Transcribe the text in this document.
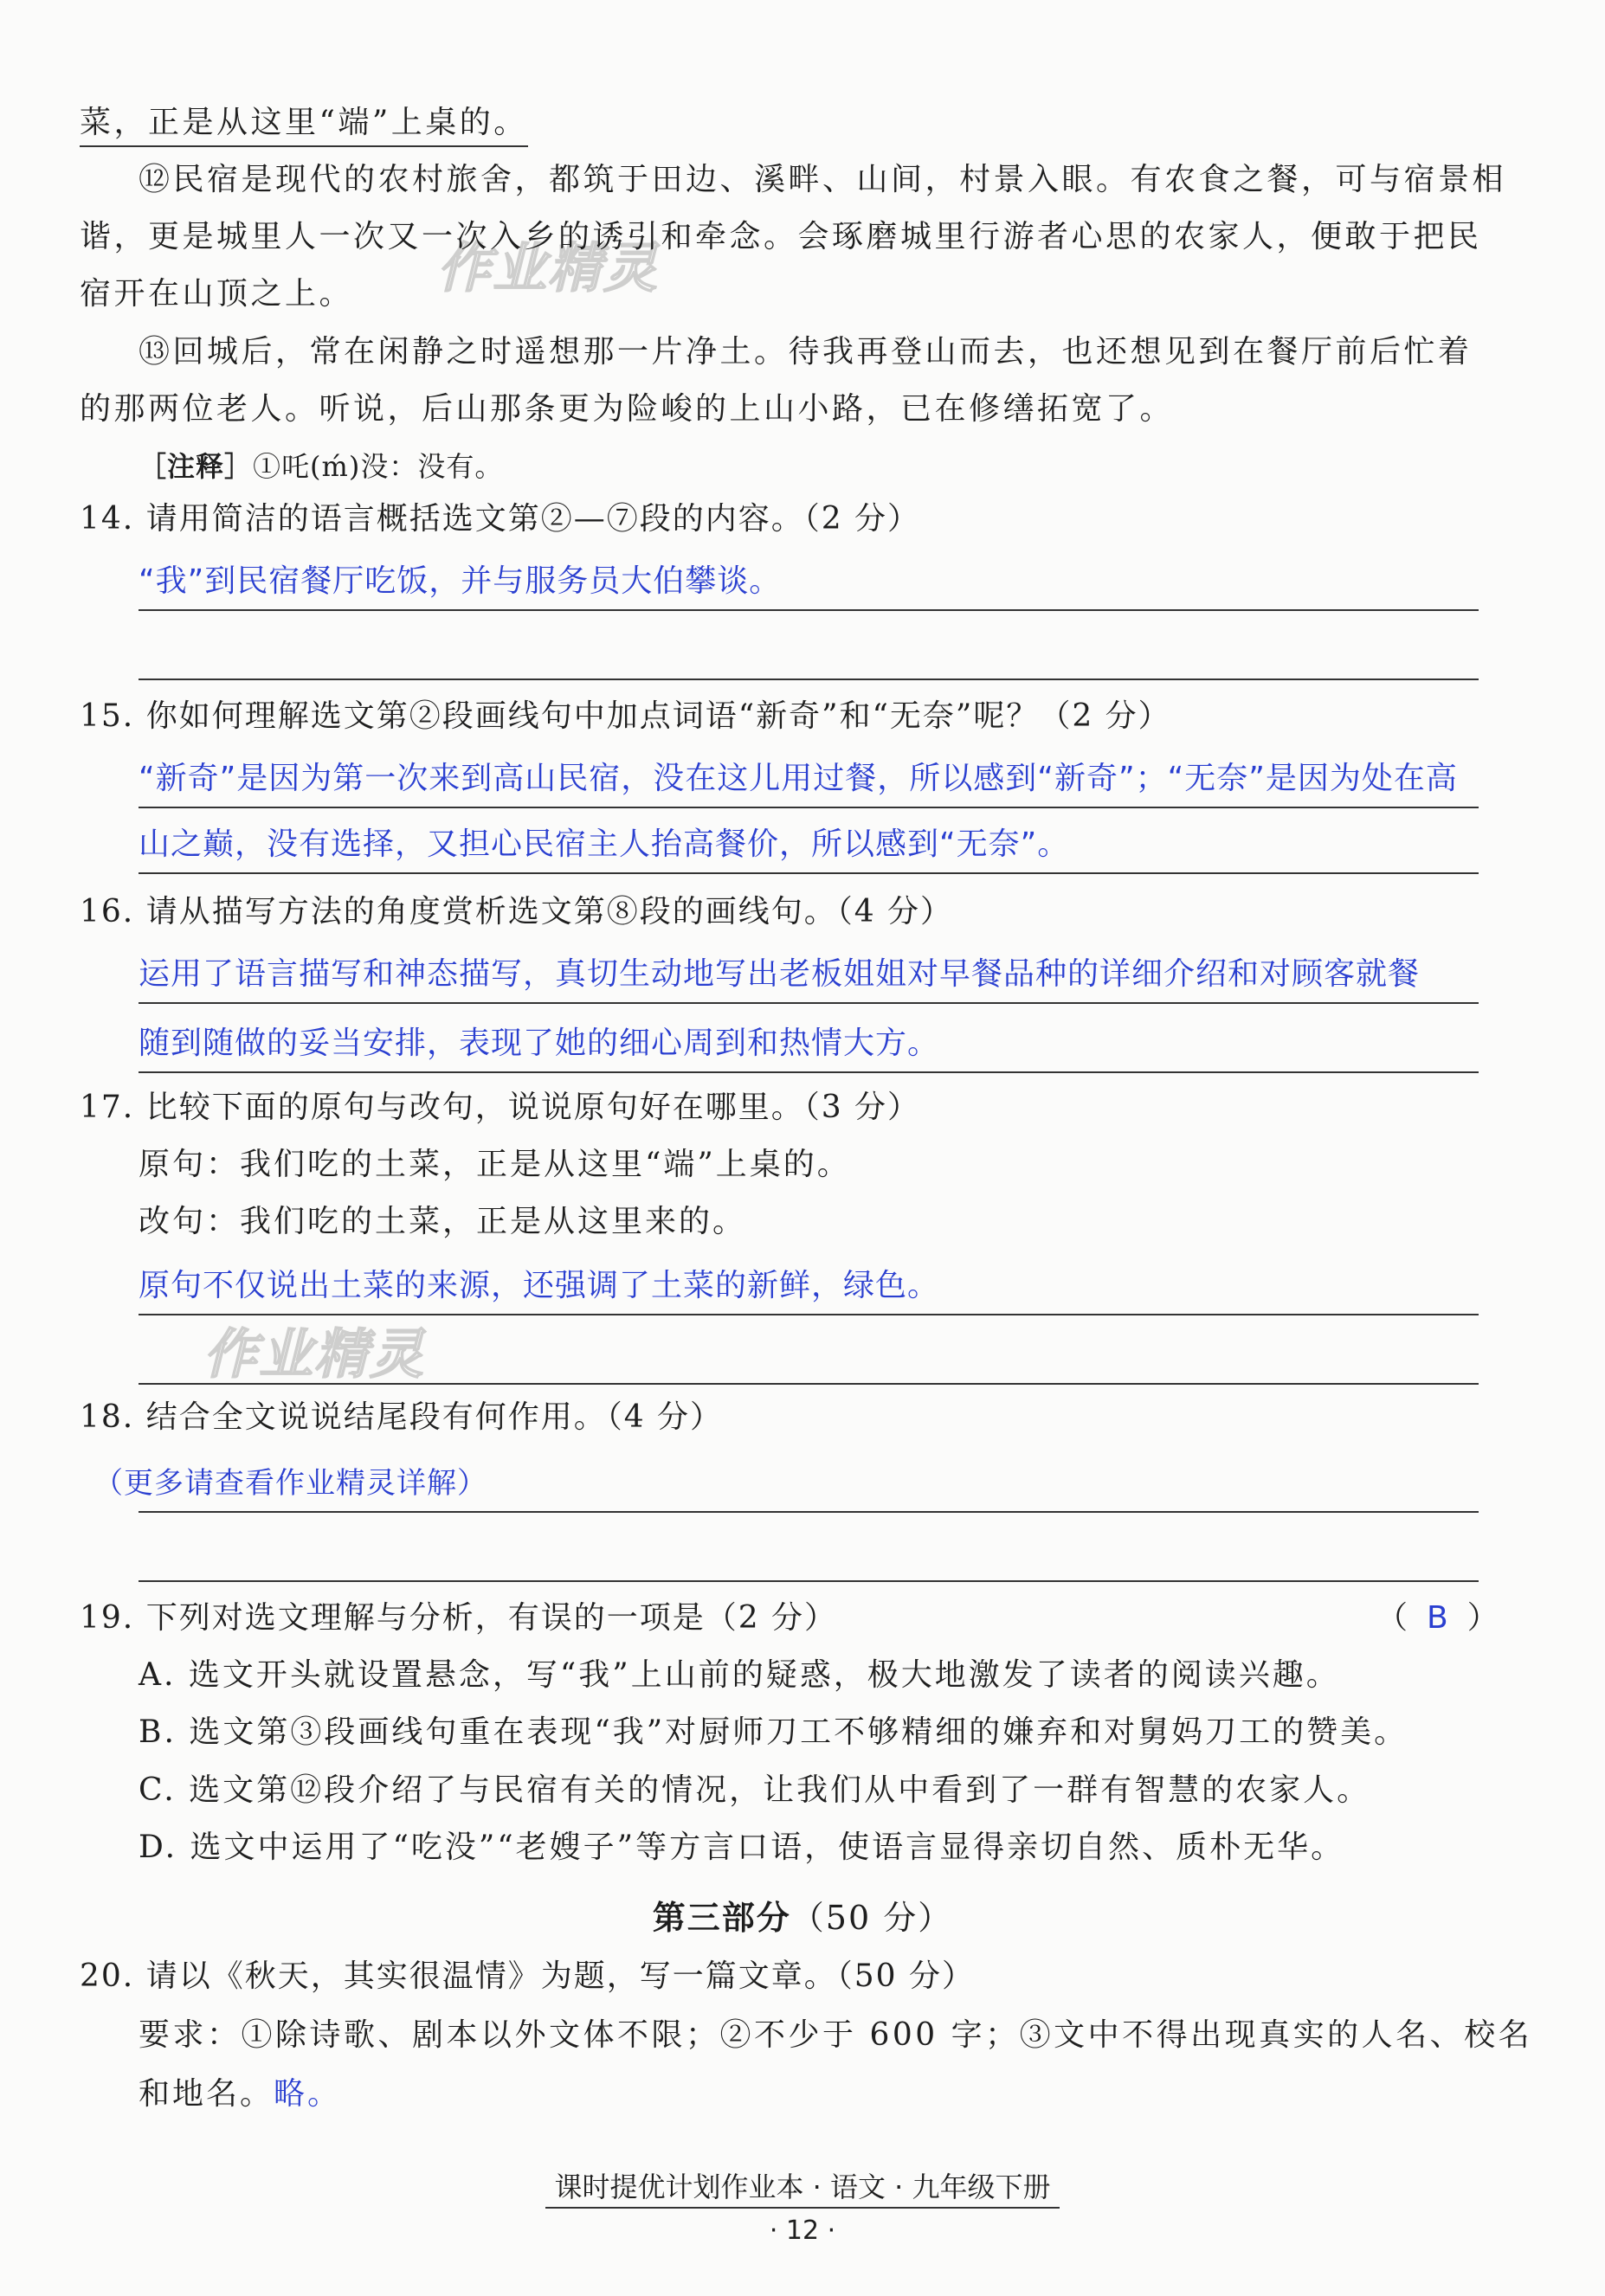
作业精灵
作业精灵
菜，正是从这里“端”上桌的。
⑫民宿是现代的农村旅舍，都筑于田边、溪畔、山间，村景入眼。有农食之餐，可与宿景相
谐，更是城里人一次又一次入乡的诱引和牵念。会琢磨城里行游者心思的农家人，便敢于把民
宿开在山顶之上。
⑬回城后，常在闲静之时遥想那一片净土。待我再登山而去，也还想见到在餐厅前后忙着
的那两位老人。听说，后山那条更为险峻的上山小路，已在修缮拓宽了。
［注释］①吒(ḿ)没：没有。
14. 请用简洁的语言概括选文第②—⑦段的内容。（2 分）
“我”到民宿餐厅吃饭，并与服务员大伯攀谈。
15. 你如何理解选文第②段画线句中加点词语“新奇”和“无奈”呢？（2 分）
“新奇”是因为第一次来到高山民宿，没在这儿用过餐，所以感到“新奇”；“无奈”是因为处在高
山之巅，没有选择，又担心民宿主人抬高餐价，所以感到“无奈”。
16. 请从描写方法的角度赏析选文第⑧段的画线句。（4 分）
运用了语言描写和神态描写，真切生动地写出老板姐姐对早餐品种的详细介绍和对顾客就餐
随到随做的妥当安排，表现了她的细心周到和热情大方。
17. 比较下面的原句与改句，说说原句好在哪里。（3 分）
原句：我们吃的土菜，正是从这里“端”上桌的。
改句：我们吃的土菜，正是从这里来的。
原句不仅说出土菜的来源，还强调了土菜的新鲜，绿色。
18. 结合全文说说结尾段有何作用。（4 分）
（更多请查看作业精灵详解）
19. 下列对选文理解与分析，有误的一项是（2 分）	（ B ）
A. 选文开头就设置悬念，写“我”上山前的疑惑，极大地激发了读者的阅读兴趣。
B. 选文第③段画线句重在表现“我”对厨师刀工不够精细的嫌弃和对舅妈刀工的赞美。
C. 选文第⑫段介绍了与民宿有关的情况，让我们从中看到了一群有智慧的农家人。
D. 选文中运用了“吃没”“老嫂子”等方言口语，使语言显得亲切自然、质朴无华。
第三部分（50 分）
20. 请以《秋天，其实很温情》为题，写一篇文章。（50 分）
要求：①除诗歌、剧本以外文体不限；②不少于 600 字；③文中不得出现真实的人名、校名
和地名。略。
课时提优计划作业本 · 语文 · 九年级下册
· 12 ·
